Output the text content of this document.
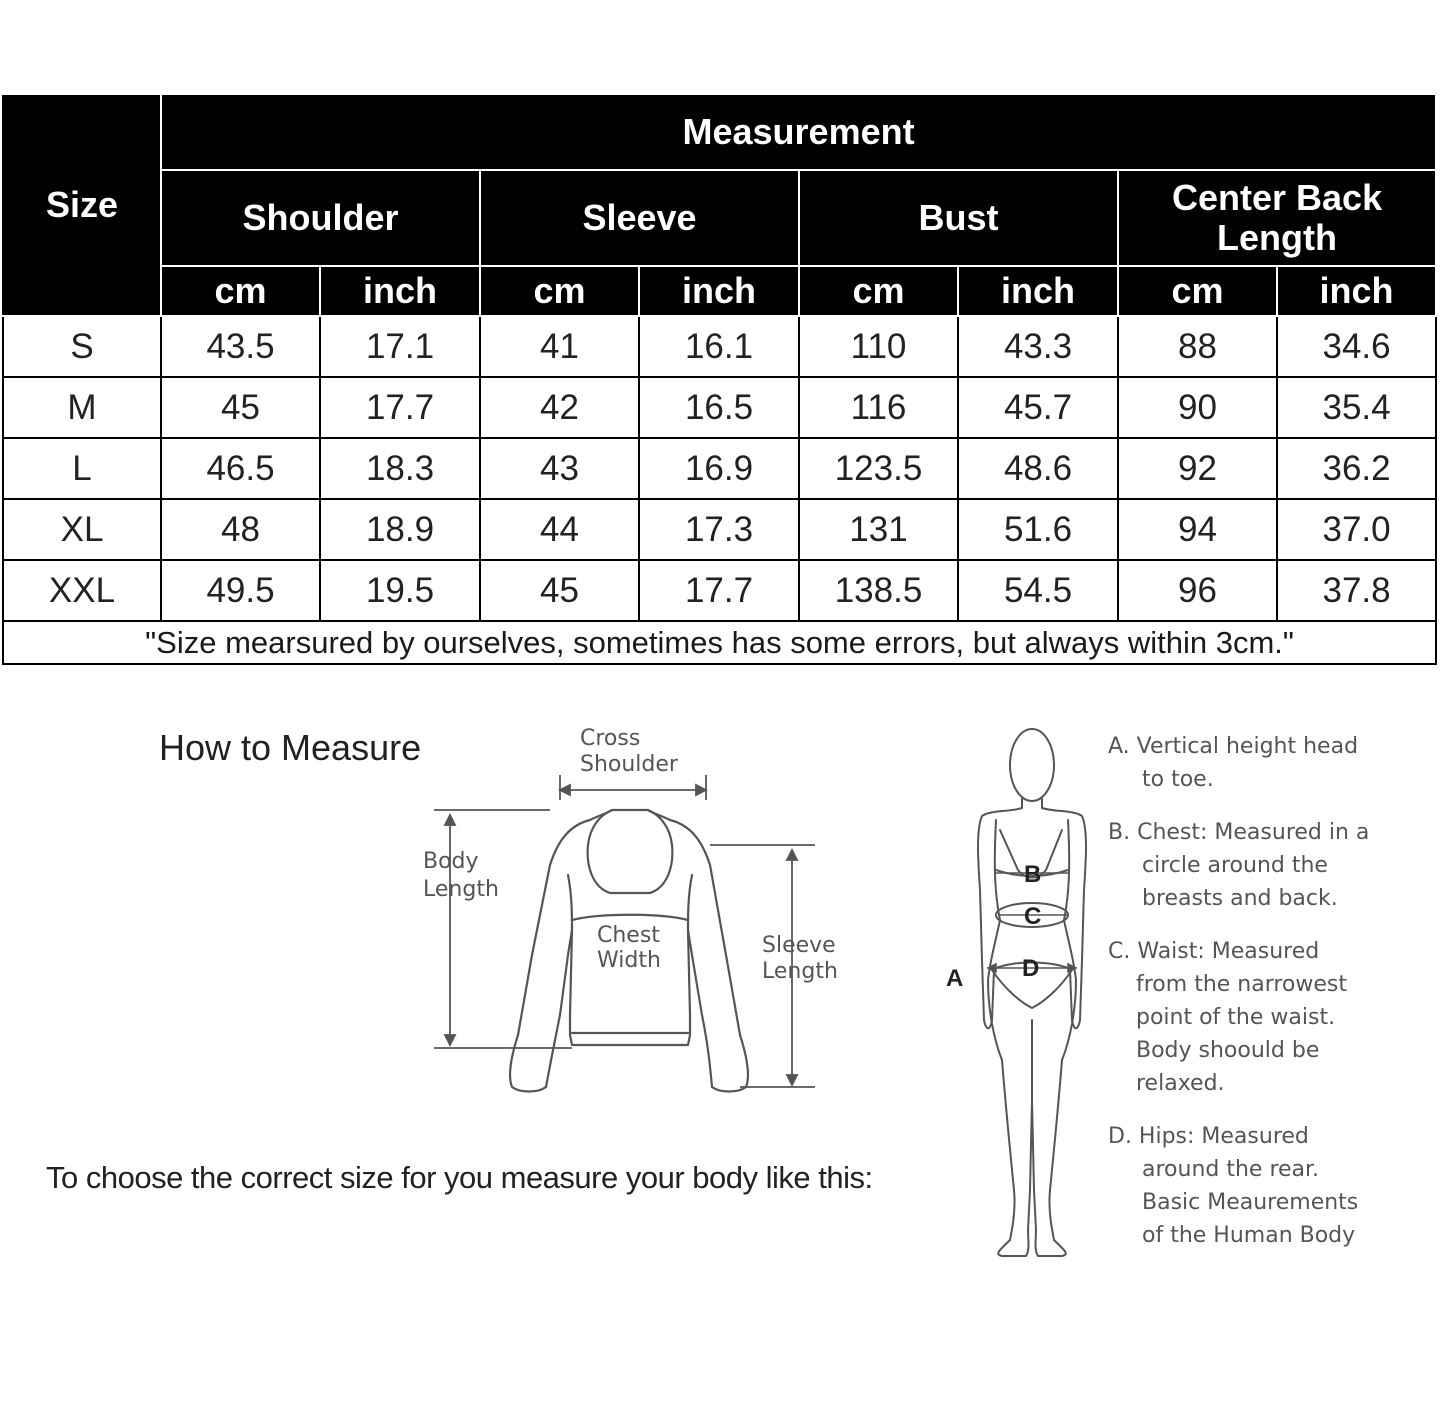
Size	Measurement							
	Shoulder		Sleeve		Bust		Center Back Length	
	cm	inch	cm	inch	cm	inch	cm	inch
S	43.5	17.1	41	16.1	110	43.3	88	34.6
M	45	17.7	42	16.5	116	45.7	90	35.4
L	46.5	18.3	43	16.9	123.5	48.6	92	36.2
XL	48	18.9	44	17.3	131	51.6	94	37.0
XXL	49.5	19.5	45	17.7	138.5	54.5	96	37.8
"Size mearsured by ourselves, sometimes has some errors, but always within 3cm."								
How to Measure	Cross
Shoulder
Body
Length
Chest
Width
Sleeve
Length
To choose the correct size for you measure your body like this:
B
C
D
A
A. Vertical height head
to toe.
B. Chest: Measured in a
circle around the
breasts and back.
C. Waist: Measured
from the narrowest
point of the waist.
Body shoould be
relaxed.
D. Hips: Measured
around the rear.
Basic Meaurements
of the Human Body
